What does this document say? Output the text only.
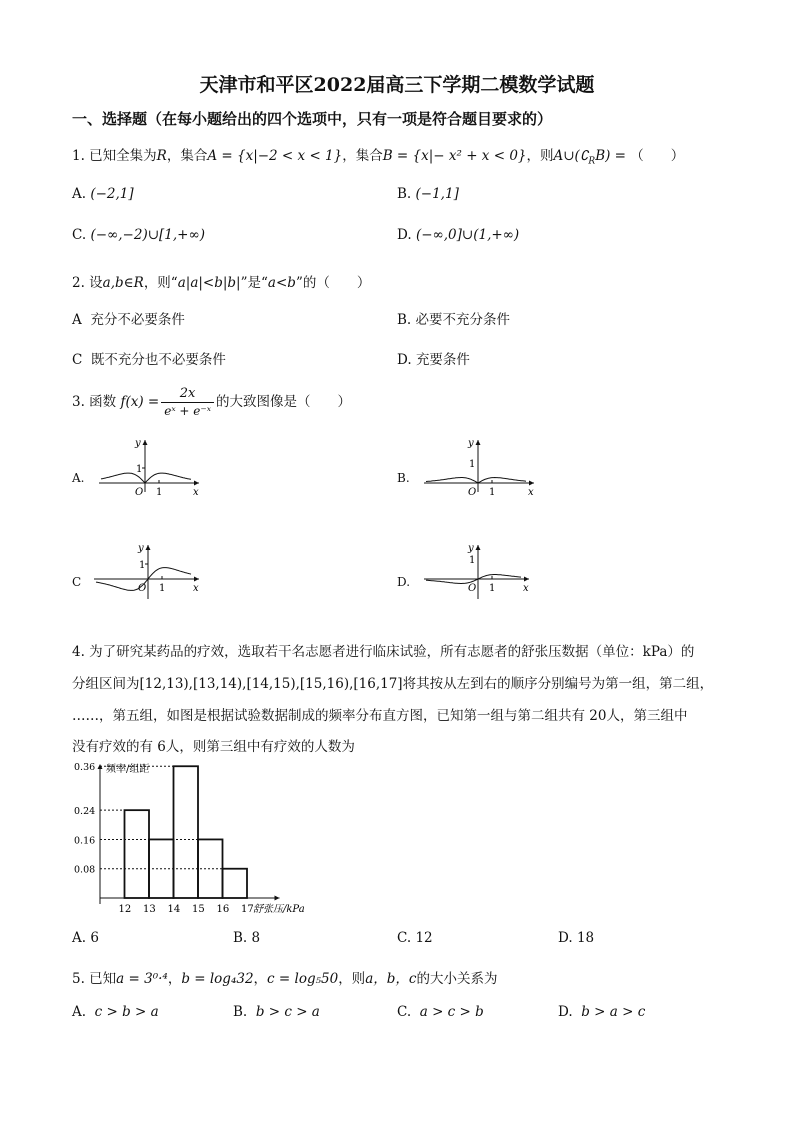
天津市和平区2022届高三下学期二模数学试题
一、选择题（在每小题给出的四个选项中，只有一项是符合题目要求的）
1. 已知全集为R，集合A = {x|−2 < x < 1}，集合B = {x|− x² + x < 0}，则$A\cup(∁_RB)$ = （　　）
A. (−2,1]	B. (−1,1]
C. (−∞,−2)∪[1,+∞)	D. (−∞,0]∪(1,+∞)
2. 设a,b∈R，则“a|a|<b|b|”是“a<b”的（　　）
A 充分不必要条件	B. 必要不充分条件
C 既不充分也不必要条件	D. 充要条件
3. 函数 $f(x) = \frac{2x}{\text{eˣ + e⁻ˣ}}$ 的大致图像是（　　）
A.	B.
C	D.
y
x
O 1
1
y
x
O 1
1
y
x
O 1
1
y
x
O 1
1
4. 为了研究某药品的疗效，选取若干名志愿者进行临床试验，所有志愿者的舒张压数据（单位：kPa）的
分组区间为[12,13),[13,14),[14,15),[15,16),[16,17]将其按从左到右的顺序分别编号为第一组，第二组，
……，第五组，如图是根据试验数据制成的频率分布直方图，已知第一组与第二组共有 20人，第三组中
没有疗效的有 6人，则第三组中有疗效的人数为
频率/组距
舒张压/kPa
0.36
0.24
0.16
0.08
12 13 14 15 16 17
A. 6	B. 8	C. 12	D. 18
5. 已知a = 3⁰·⁴，b = log₄32，c = log₅50，则a，b，c的大小关系为
A. c > b > a	B. b > c > a	C. a > c > b	D. b > a > c
